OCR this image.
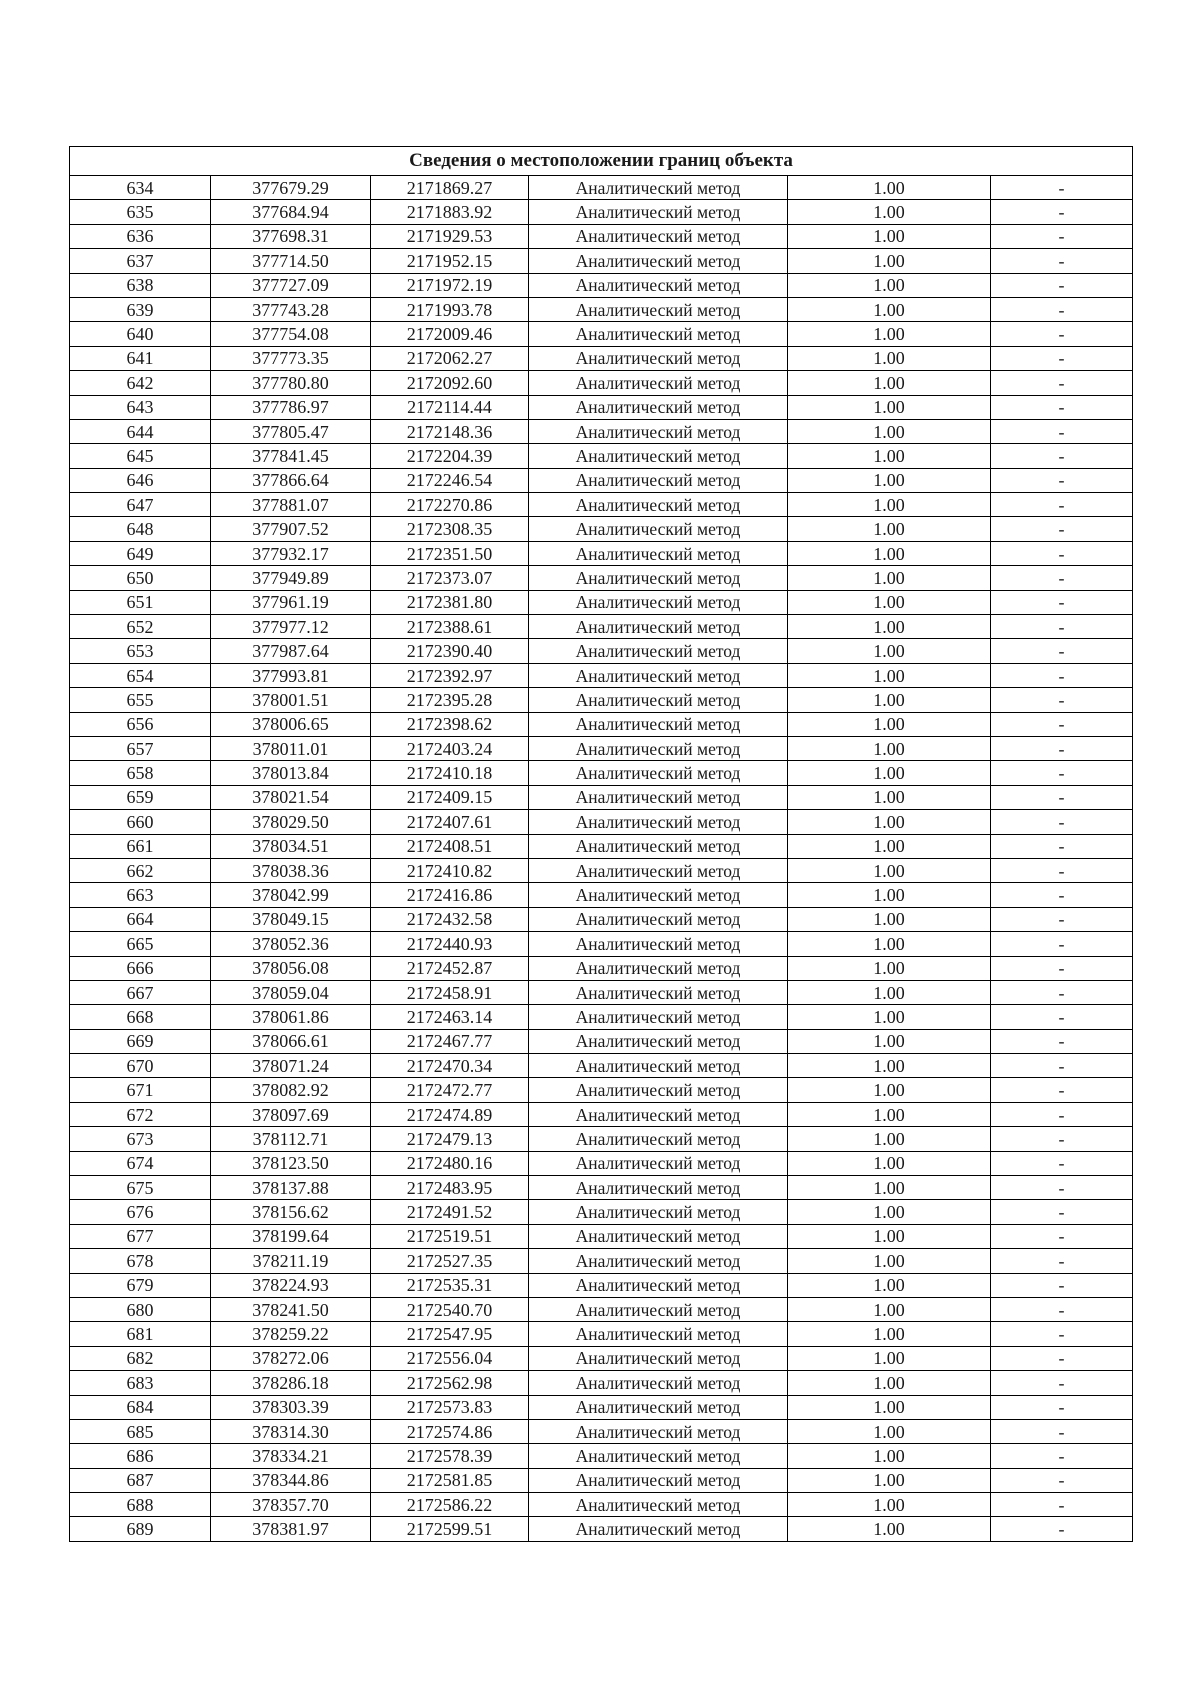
Сведения о местоположении границ объекта					
634	377679.29	2171869.27	Аналитический метод	1.00	-
635	377684.94	2171883.92	Аналитический метод	1.00	-
636	377698.31	2171929.53	Аналитический метод	1.00	-
637	377714.50	2171952.15	Аналитический метод	1.00	-
638	377727.09	2171972.19	Аналитический метод	1.00	-
639	377743.28	2171993.78	Аналитический метод	1.00	-
640	377754.08	2172009.46	Аналитический метод	1.00	-
641	377773.35	2172062.27	Аналитический метод	1.00	-
642	377780.80	2172092.60	Аналитический метод	1.00	-
643	377786.97	2172114.44	Аналитический метод	1.00	-
644	377805.47	2172148.36	Аналитический метод	1.00	-
645	377841.45	2172204.39	Аналитический метод	1.00	-
646	377866.64	2172246.54	Аналитический метод	1.00	-
647	377881.07	2172270.86	Аналитический метод	1.00	-
648	377907.52	2172308.35	Аналитический метод	1.00	-
649	377932.17	2172351.50	Аналитический метод	1.00	-
650	377949.89	2172373.07	Аналитический метод	1.00	-
651	377961.19	2172381.80	Аналитический метод	1.00	-
652	377977.12	2172388.61	Аналитический метод	1.00	-
653	377987.64	2172390.40	Аналитический метод	1.00	-
654	377993.81	2172392.97	Аналитический метод	1.00	-
655	378001.51	2172395.28	Аналитический метод	1.00	-
656	378006.65	2172398.62	Аналитический метод	1.00	-
657	378011.01	2172403.24	Аналитический метод	1.00	-
658	378013.84	2172410.18	Аналитический метод	1.00	-
659	378021.54	2172409.15	Аналитический метод	1.00	-
660	378029.50	2172407.61	Аналитический метод	1.00	-
661	378034.51	2172408.51	Аналитический метод	1.00	-
662	378038.36	2172410.82	Аналитический метод	1.00	-
663	378042.99	2172416.86	Аналитический метод	1.00	-
664	378049.15	2172432.58	Аналитический метод	1.00	-
665	378052.36	2172440.93	Аналитический метод	1.00	-
666	378056.08	2172452.87	Аналитический метод	1.00	-
667	378059.04	2172458.91	Аналитический метод	1.00	-
668	378061.86	2172463.14	Аналитический метод	1.00	-
669	378066.61	2172467.77	Аналитический метод	1.00	-
670	378071.24	2172470.34	Аналитический метод	1.00	-
671	378082.92	2172472.77	Аналитический метод	1.00	-
672	378097.69	2172474.89	Аналитический метод	1.00	-
673	378112.71	2172479.13	Аналитический метод	1.00	-
674	378123.50	2172480.16	Аналитический метод	1.00	-
675	378137.88	2172483.95	Аналитический метод	1.00	-
676	378156.62	2172491.52	Аналитический метод	1.00	-
677	378199.64	2172519.51	Аналитический метод	1.00	-
678	378211.19	2172527.35	Аналитический метод	1.00	-
679	378224.93	2172535.31	Аналитический метод	1.00	-
680	378241.50	2172540.70	Аналитический метод	1.00	-
681	378259.22	2172547.95	Аналитический метод	1.00	-
682	378272.06	2172556.04	Аналитический метод	1.00	-
683	378286.18	2172562.98	Аналитический метод	1.00	-
684	378303.39	2172573.83	Аналитический метод	1.00	-
685	378314.30	2172574.86	Аналитический метод	1.00	-
686	378334.21	2172578.39	Аналитический метод	1.00	-
687	378344.86	2172581.85	Аналитический метод	1.00	-
688	378357.70	2172586.22	Аналитический метод	1.00	-
689	378381.97	2172599.51	Аналитический метод	1.00	-
